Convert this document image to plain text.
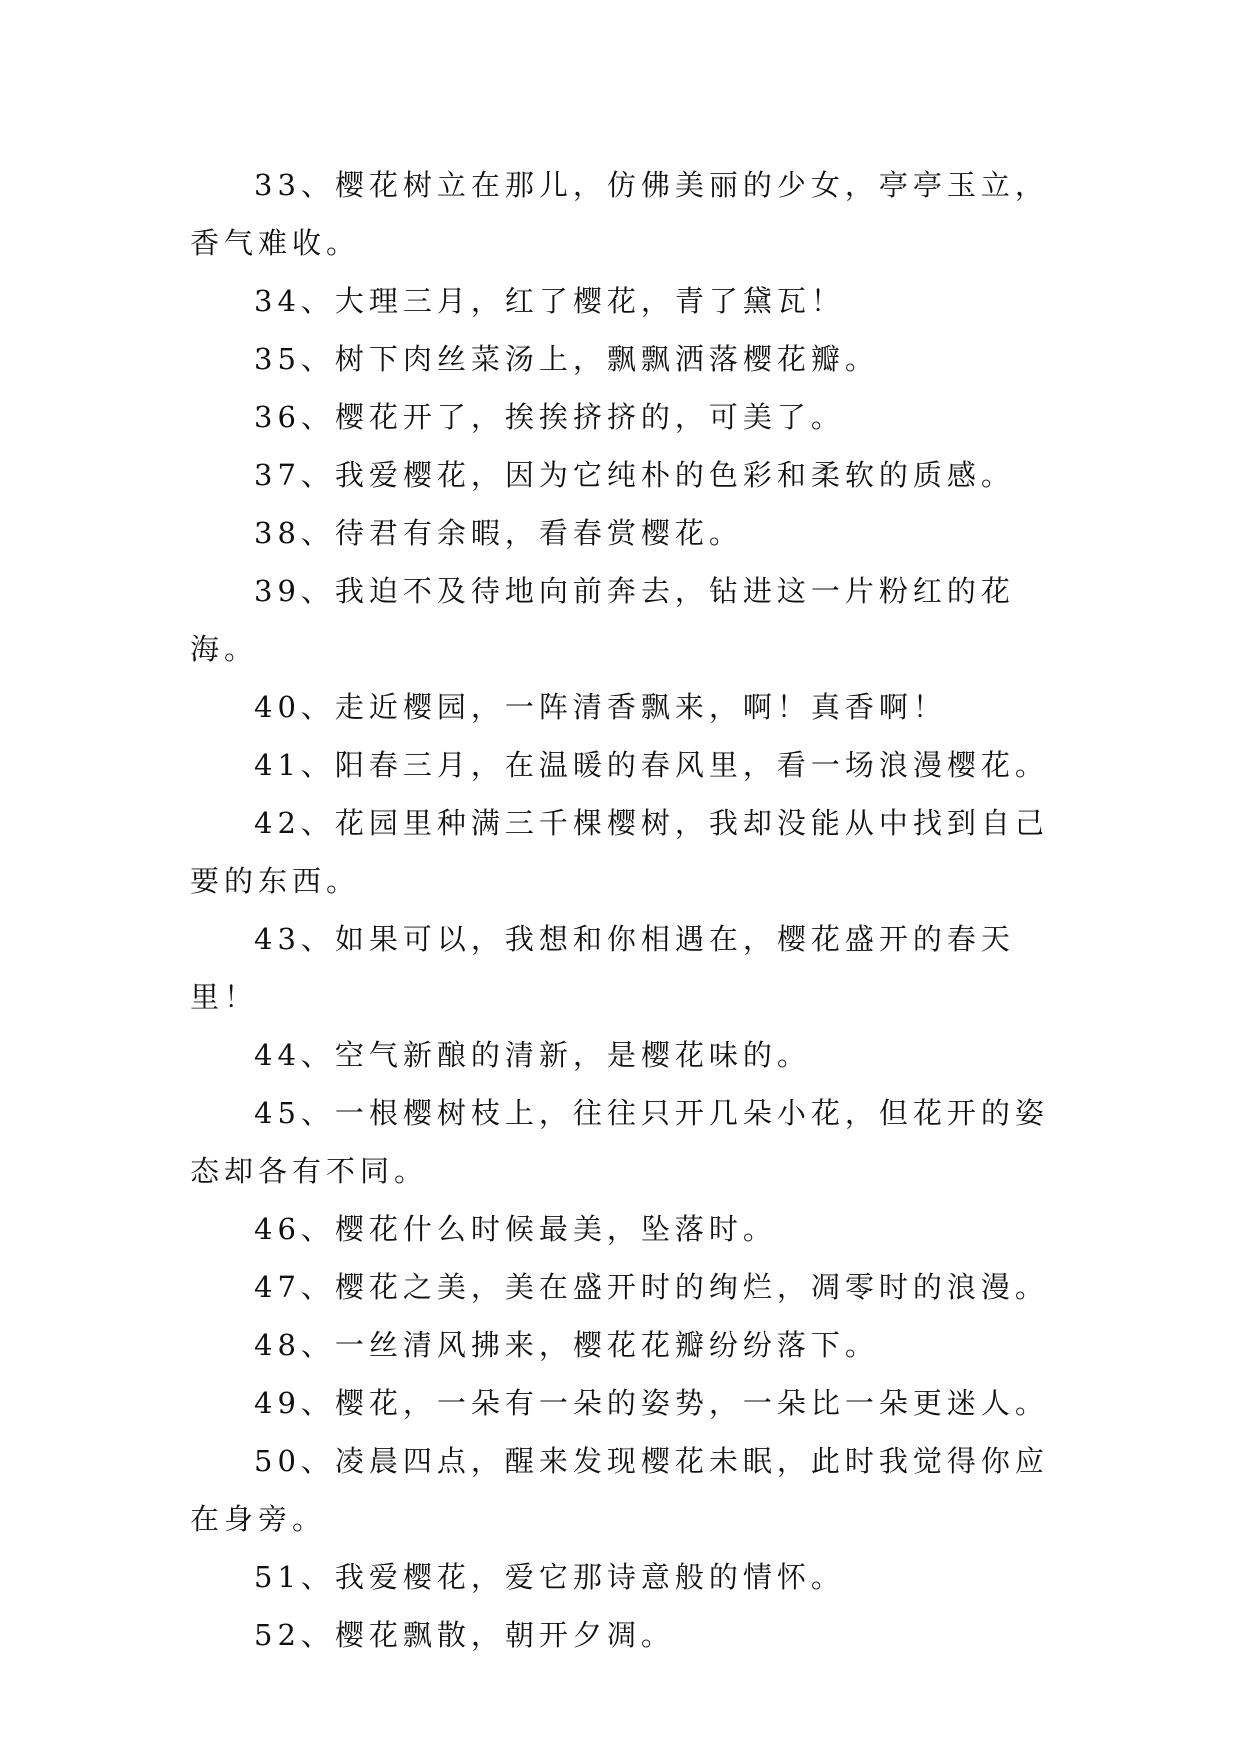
33、樱花树立在那儿，仿佛美丽的少女，亭亭玉立，香气难收。

34、大理三月，红了樱花，青了黛瓦！

35、树下肉丝菜汤上，飘飘洒落樱花瓣。

36、樱花开了，挨挨挤挤的，可美了。

37、我爱樱花，因为它纯朴的色彩和柔软的质感。

38、待君有余暇，看春赏樱花。

39、我迫不及待地向前奔去，钻进这一片粉红的花海。

40、走近樱园，一阵清香飘来，啊！真香啊！

41、阳春三月，在温暖的春风里，看一场浪漫樱花。

42、花园里种满三千棵樱树，我却没能从中找到自己要的东西。

43、如果可以，我想和你相遇在，樱花盛开的春天里！

44、空气新酿的清新，是樱花味的。

45、一根樱树枝上，往往只开几朵小花，但花开的姿态却各有不同。

46、樱花什么时候最美，坠落时。

47、樱花之美，美在盛开时的绚烂，凋零时的浪漫。

48、一丝清风拂来，樱花花瓣纷纷落下。

49、樱花，一朵有一朵的姿势，一朵比一朵更迷人。

50、凌晨四点，醒来发现樱花未眠，此时我觉得你应在身旁。

51、我爱樱花，爱它那诗意般的情怀。

52、樱花飘散，朝开夕凋。
